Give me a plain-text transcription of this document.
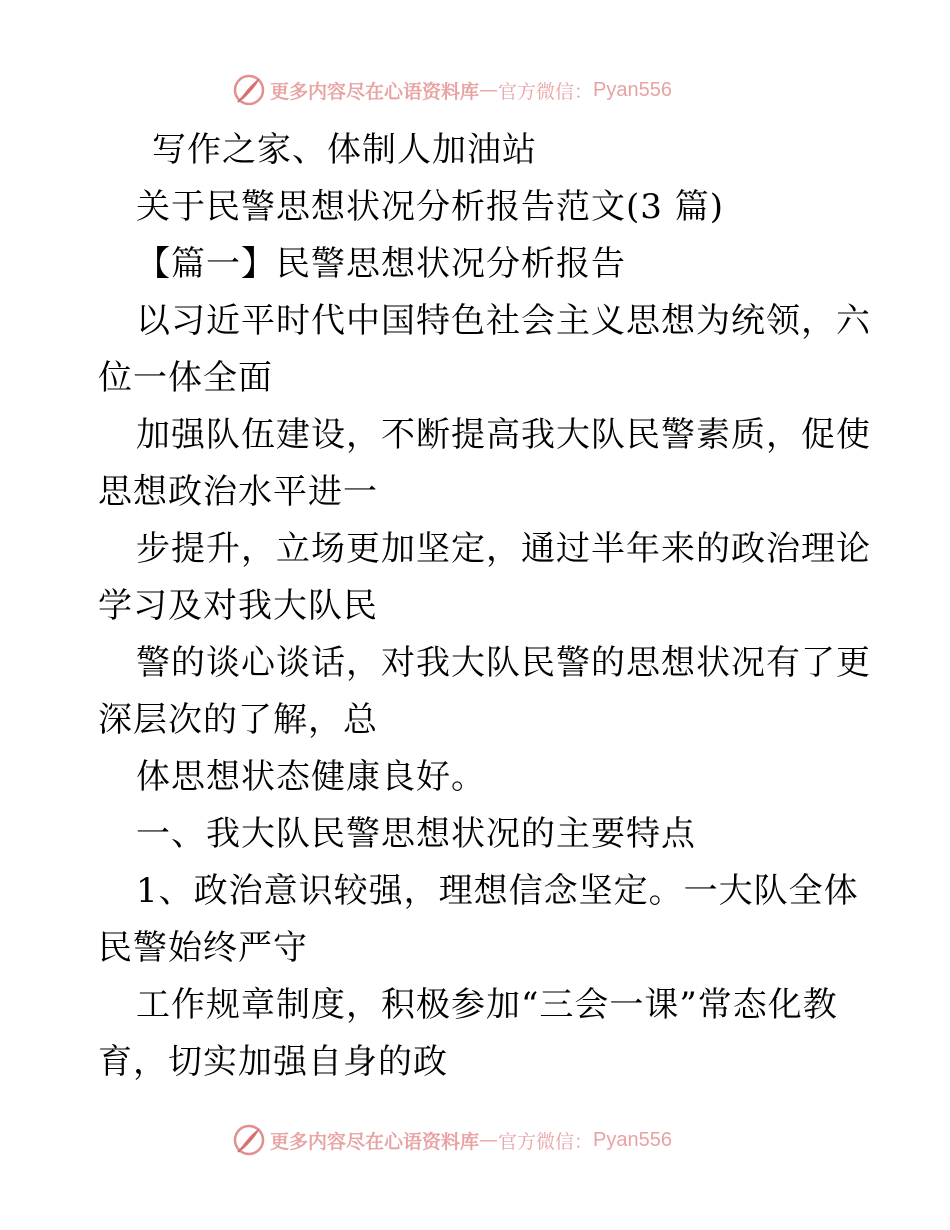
更多内容尽在心语资料库 — 官方微信： Pyan556
写作之家、体制人加油站
关于民警思想状况分析报告范文(3 篇)
【篇一】民警思想状况分析报告
以习近平时代中国特色社会主义思想为统领，六
位一体全面
加强队伍建设，不断提高我大队民警素质，促使
思想政治水平进一
步提升，立场更加坚定，通过半年来的政治理论
学习及对我大队民
警的谈心谈话，对我大队民警的思想状况有了更
深层次的了解，总
体思想状态健康良好。
一、我大队民警思想状况的主要特点
1、政治意识较强，理想信念坚定。一大队全体
民警始终严守
工作规章制度，积极参加“三会一课”常态化教
育，切实加强自身的政
更多内容尽在心语资料库 — 官方微信： Pyan556
